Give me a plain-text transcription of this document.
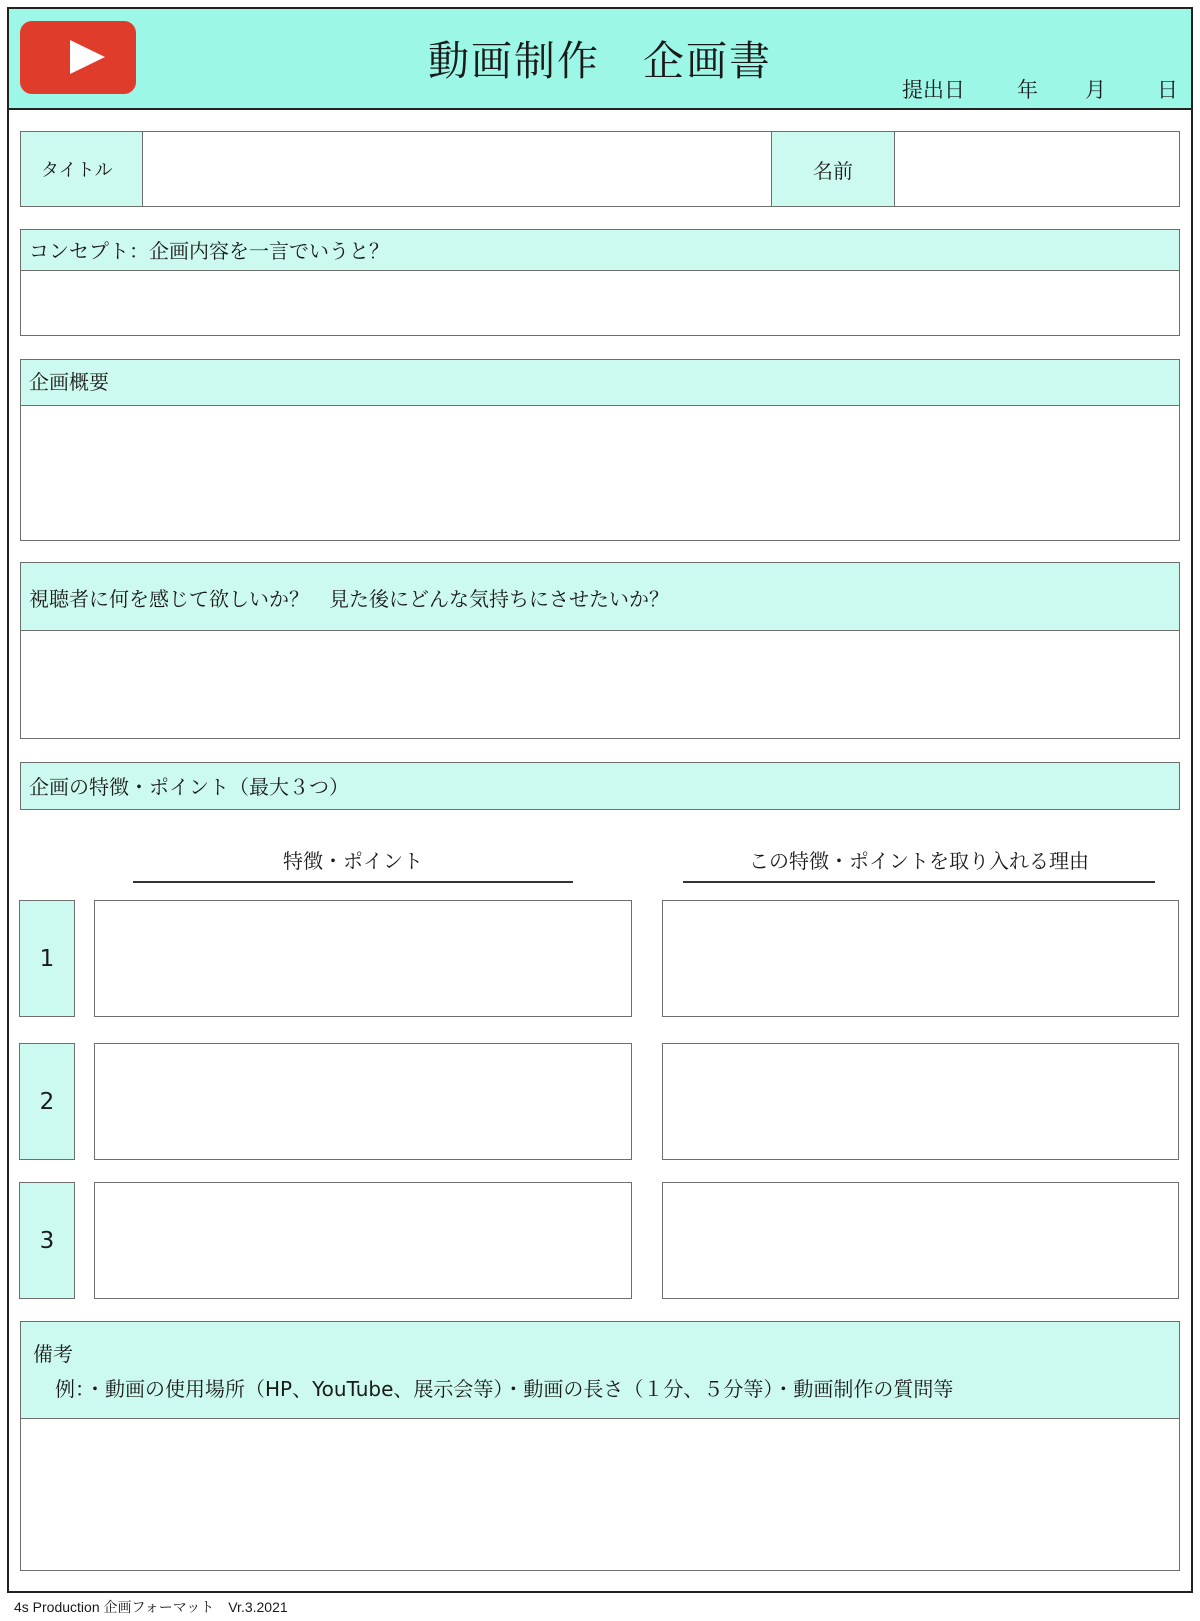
動画制作　企画書
提出日 年 月 日
タイトル	名前
コンセプト：企画内容を一言でいうと？
企画概要
視聴者に何を感じて欲しいか？　見た後にどんな気持ちにさせたいか？
企画の特徴・ポイント（最大３つ）
特徴・ポイント	この特徴・ポイントを取り入れる理由
1
2
3
備考
例：・動画の使用場所（HP、YouTube、展示会等）・動画の長さ（１分、５分等）・動画制作の質問等
4s Production 企画フォーマット　Vr.3.2021
